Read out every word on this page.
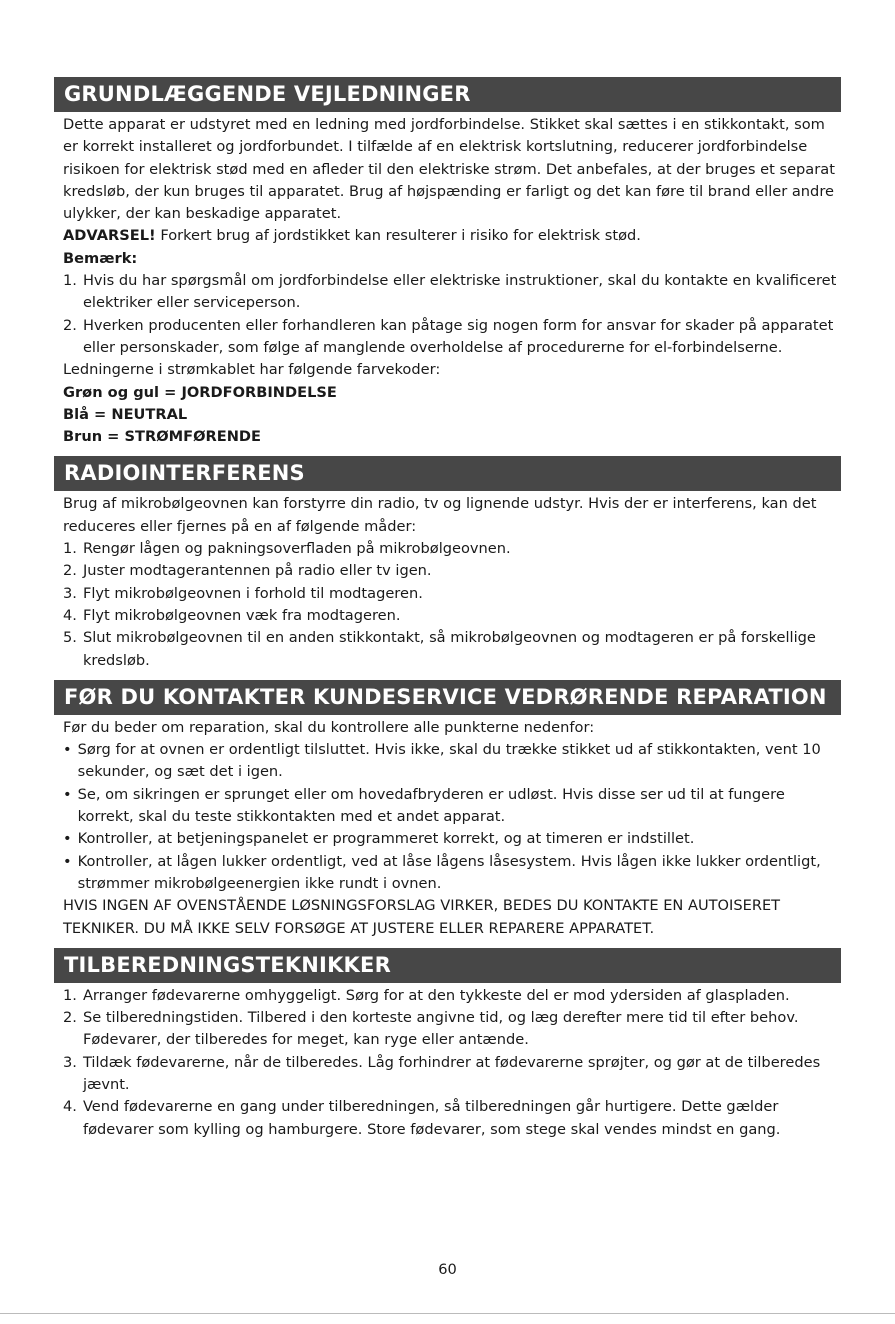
GRUNDLÆGGENDE VEJLEDNINGER

Dette apparat er udstyret med en ledning med jordforbindelse. Stikket skal sættes i en stikkontakt, som er korrekt installeret og jordforbundet. I tilfælde af en elektrisk kortslutning, reducerer jordforbindelse risikoen for elektrisk stød med en afleder til den elektriske strøm. Det anbefales, at der bruges et separat kredsløb, der kun bruges til apparatet. Brug af højspænding er farligt og det kan føre til brand eller andre ulykker, der kan beskadige apparatet.

ADVARSEL! Forkert brug af jordstikket kan resulterer i risiko for elektrisk stød.

Bemærk:

1. Hvis du har spørgsmål om jordforbindelse eller elektriske instruktioner, skal du kontakte en kvalificeret elektriker eller serviceperson.
2. Hverken producenten eller forhandleren kan påtage sig nogen form for ansvar for skader på apparatet eller personskader, som følge af manglende overholdelse af procedurerne for el-forbindelserne.

Ledningerne i strømkablet har følgende farvekoder:

Grøn og gul = JORDFORBINDELSE

Blå = NEUTRAL

Brun = STRØMFØRENDE

RADIOINTERFERENS

Brug af mikrobølgeovnen kan forstyrre din radio, tv og lignende udstyr. Hvis der er interferens, kan det reduceres eller fjernes på en af følgende måder:

1. Rengør lågen og pakningsoverfladen på mikrobølgeovnen.
2. Juster modtagerantennen på radio eller tv igen.
3. Flyt mikrobølgeovnen i forhold til modtageren.
4. Flyt mikrobølgeovnen væk fra modtageren.
5. Slut mikrobølgeovnen til en anden stikkontakt, så mikrobølgeovnen og modtageren er på forskellige kredsløb.
FØR DU KONTAKTER KUNDESERVICE VEDRØRENDE REPARATION

Før du beder om reparation, skal du kontrollere alle punkterne nedenfor:

• Sørg for at ovnen er ordentligt tilsluttet. Hvis ikke, skal du trække stikket ud af stikkontakten, vent 10 sekunder, og sæt det i igen.
• Se, om sikringen er sprunget eller om hovedafbryderen er udløst. Hvis disse ser ud til at fungere korrekt, skal du teste stikkontakten med et andet apparat.
• Kontroller, at betjeningspanelet er programmeret korrekt, og at timeren er indstillet.
• Kontroller, at lågen lukker ordentligt, ved at låse lågens låsesystem. Hvis lågen ikke lukker ordentligt, strømmer mikrobølgeenergien ikke rundt i ovnen.

HVIS INGEN AF OVENSTÅENDE LØSNINGSFORSLAG VIRKER, BEDES DU KONTAKTE EN AUTOISERET TEKNIKER. DU MÅ IKKE SELV FORSØGE AT JUSTERE ELLER REPARERE APPARATET.

TILBEREDNINGSTEKNIKKER
1. Arranger fødevarerne omhyggeligt. Sørg for at den tykkeste del er mod ydersiden af glaspladen.
2. Se tilberedningstiden. Tilbered i den korteste angivne tid, og læg derefter mere tid til efter behov. Fødevarer, der tilberedes for meget, kan ryge eller antænde.
3. Tildæk fødevarerne, når de tilberedes. Låg forhindrer at fødevarerne sprøjter, og gør at de tilberedes jævnt.
4. Vend fødevarerne en gang under tilberedningen, så tilberedningen går hurtigere. Dette gælder fødevarer som kylling og hamburgere. Store fødevarer, som stege skal vendes mindst en gang.
60
